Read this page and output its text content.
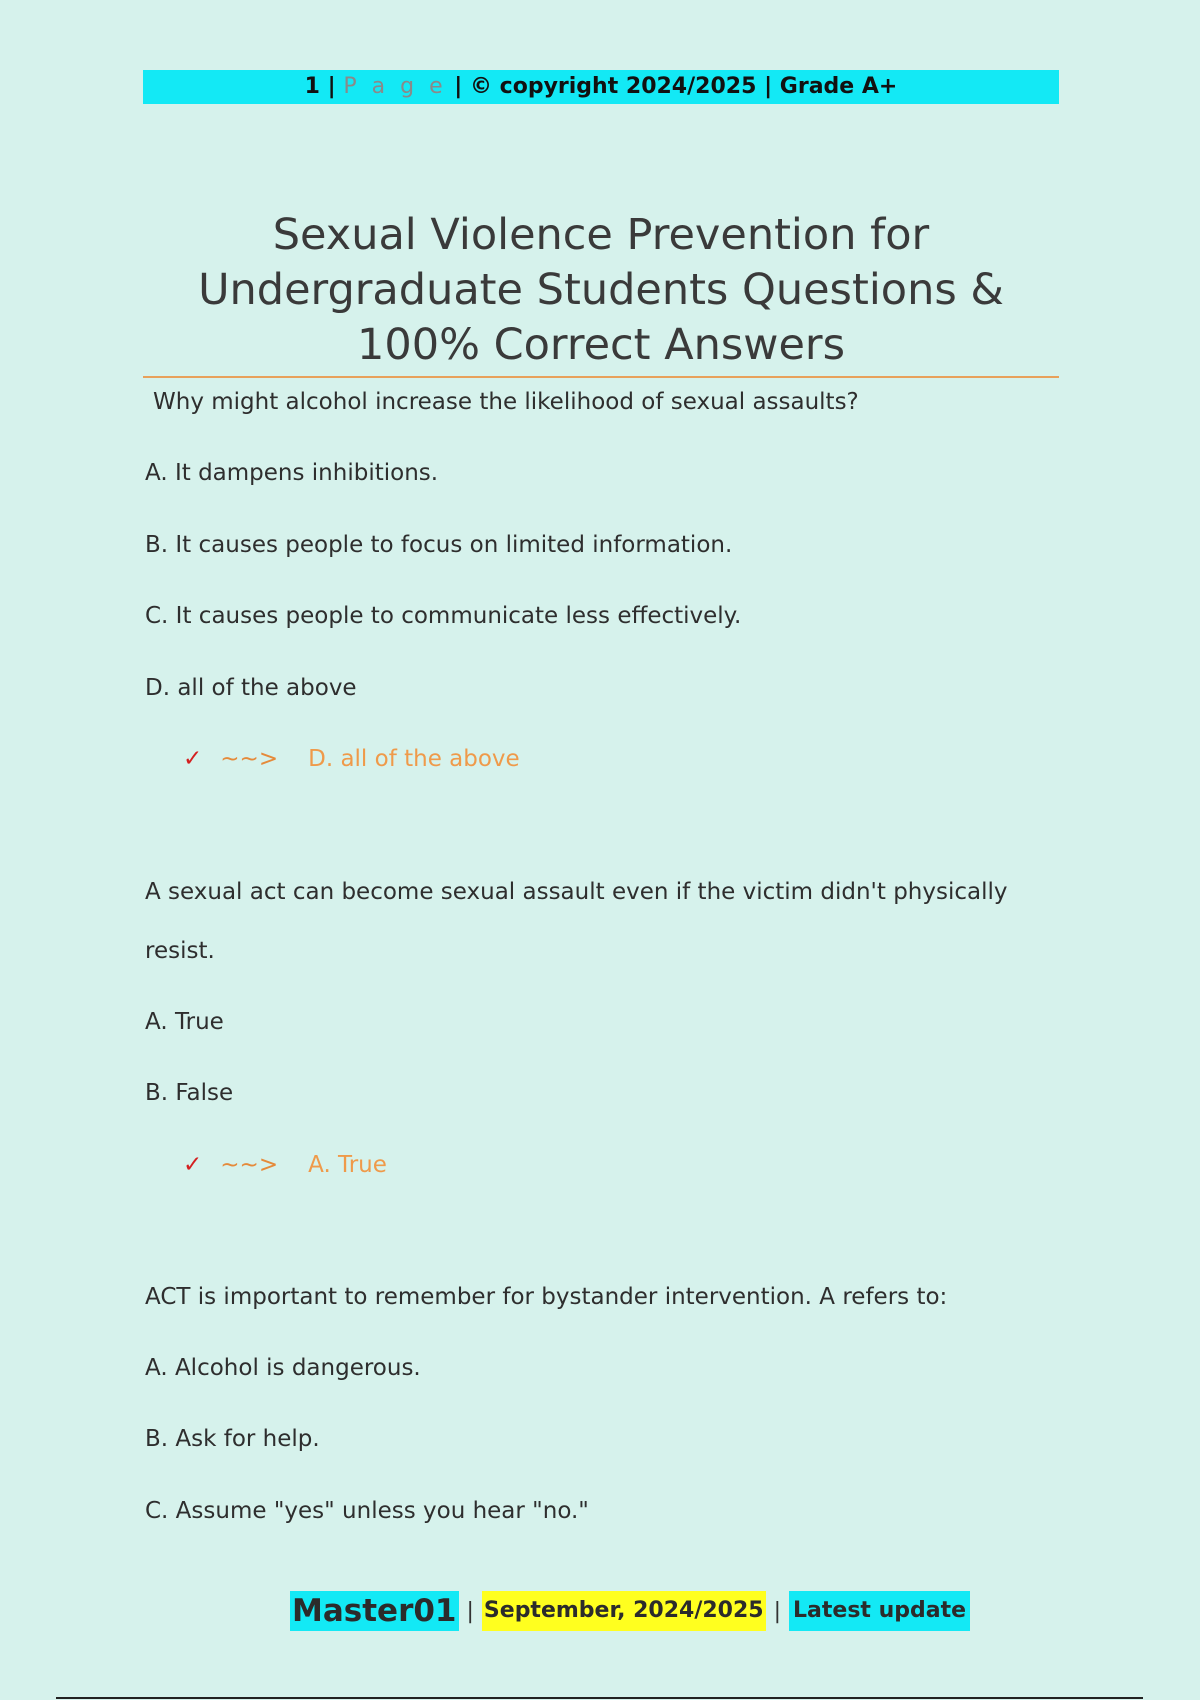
1 | P a g e | © copyright 2024/2025 | Grade A+
Sexual Violence Prevention for Undergraduate Students Questions & 100% Correct Answers
Why might alcohol increase the likelihood of sexual assaults?
A. It dampens inhibitions.
B. It causes people to focus on limited information.
C. It causes people to communicate less effectively.
D. all of the above
✓ ~~> D. all of the above
A sexual act can become sexual assault even if the victim didn't physically
resist.
A. True
B. False
✓ ~~> A. True
ACT is important to remember for bystander intervention. A refers to:
A. Alcohol is dangerous.
B. Ask for help.
C. Assume "yes" unless you hear "no."
Master01 | September, 2024/2025 | Latest update
